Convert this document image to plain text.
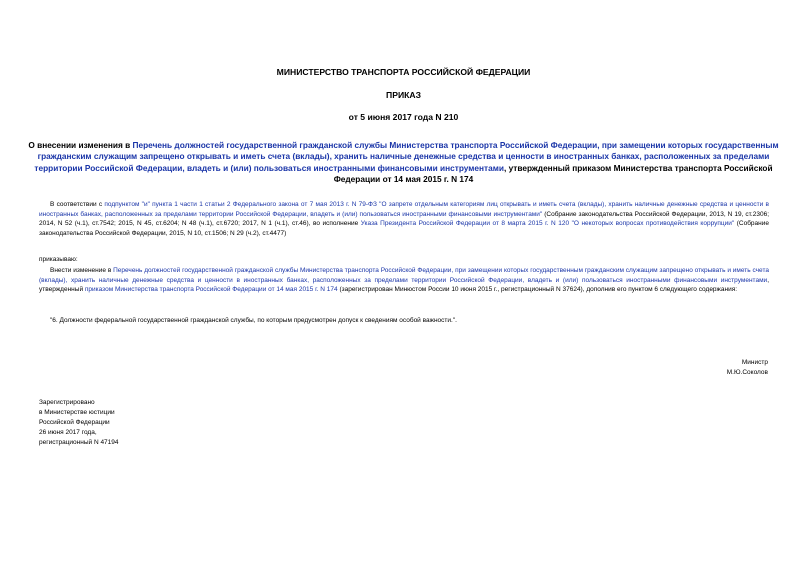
МИНИСТЕРСТВО ТРАНСПОРТА РОССИЙСКОЙ ФЕДЕРАЦИИ
ПРИКАЗ
от 5 июня 2017 года N 210
О внесении изменения в Перечень должностей государственной гражданской службы Министерства транспорта Российской Федерации, при замещении которых государственным гражданским служащим запрещено открывать и иметь счета (вклады), хранить наличные денежные средства и ценности в иностранных банках, расположенных за пределами территории Российской Федерации, владеть и (или) пользоваться иностранными финансовыми инструментами, утвержденный приказом Министерства транспорта Российской Федерации от 14 мая 2015 г. N 174
В соответствии с подпунктом "и" пункта 1 части 1 статьи 2 Федерального закона от 7 мая 2013 г. N 79-ФЗ "О запрете отдельным категориям лиц открывать и иметь счета (вклады), хранить наличные денежные средства и ценности в иностранных банках, расположенных за пределами территории Российской Федерации, владеть и (или) пользоваться иностранными финансовыми инструментами" (Собрание законодательства Российской Федерации, 2013, N 19, ст.2306; 2014, N 52 (ч.1), ст.7542; 2015, N 45, ст.6204; N 48 (ч.1), ст.6720; 2017, N 1 (ч.1), ст.46), во исполнение Указа Президента Российской Федерации от 8 марта 2015 г. N 120 "О некоторых вопросах противодействия коррупции" (Собрание законодательства Российской Федерации, 2015, N 10, ст.1506; N 29 (ч.2), ст.4477)
приказываю:
Внести изменение в Перечень должностей государственной гражданской службы Министерства транспорта Российской Федерации, при замещении которых государственным гражданским служащим запрещено открывать и иметь счета (вклады), хранить наличные денежные средства и ценности в иностранных банках, расположенных за пределами территории Российской Федерации, владеть и (или) пользоваться иностранными финансовыми инструментами, утвержденный приказом Министерства транспорта Российской Федерации от 14 мая 2015 г. N 174 (зарегистрирован Минюстом России 10 июня 2015 г., регистрационный N 37624), дополнив его пунктом 6 следующего содержания:
"6. Должности федеральной государственной гражданской службы, по которым предусмотрен допуск к сведениям особой важности.".
Министр
М.Ю.Соколов
Зарегистрировано
в Министерстве юстиции
Российской Федерации
26 июня 2017 года,
регистрационный N 47194
